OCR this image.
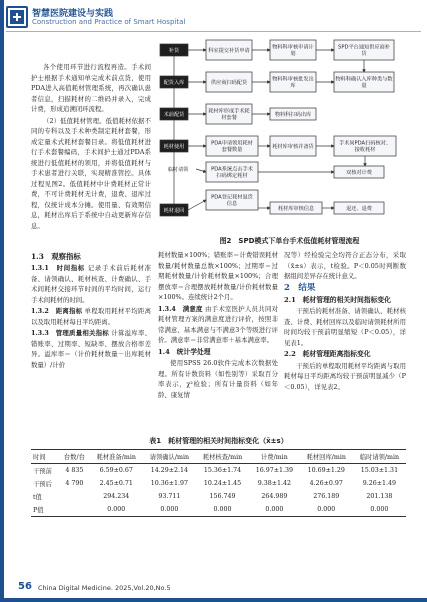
智慧医院建设与实践
Construction and Practice of Smart Hospital

各个使用环节进行流程再造。手术间护士根据手术通知单完成术前点货，使用PDA进入高值耗材管理系统，再次确认患者信息，扫描耗材的二维码并录入，完成计费，形成追溯闭环流程。

（2）低值耗材管理。低值耗材依据不同的专科以及手术种类制定耗材套餐，形成定量术式耗材套餐目录。将低值耗材进行手术套餐编码，手术间护士通过PDA系统进行低值耗材的领用，并将低值耗材与手术患者进行关联，实现精准管控。具体过程见图2。低值耗材中计费耗材正常计费，不可计费耗材无计费，退费、退库过程，仅统计成本分摊。使用量、有效期信息，耗材出库后于系统中自动更新库存信息。

1.3　观察指标

1.3.1　时间指标 记录手术前后耗材准备、请领确认、耗材核查、计费确认、手术间耗材交接环节时间的平均时间，运行手术间耗材的时间。

1.3.2　距离指标 单程取用耗材平均距离以及取用耗材每日平均距离。

1.3.3　管理质量相关指标 计算溢库率、错账率、过期率、短缺率、摆放合格率差异。溢库率＝（计价耗材数量－出库耗材数量）/计价

补货	科室提交补货申请
物料科审核申请计划
SPD平台通知供应商补货
配货入库	供应商扫码配货
物料科审核批发出库
物料科确认入库种类与数量
术前配货
耗材库形成手术耗材套餐
物料科扫码出库
耗材使用
PDA申请领用耗材套餐数量
耗材库审核并备货
手术间PDA扫码核对、接收耗材
临时请领	PDA系统点击手术扫码绑定耗材
双核对计费
耗材退回
PDA登记耗材退货信息
耗材库审核信息	退还、退费
图2　SPD模式下单台手术低值耗材管理流程

耗材数量×100%；错账率＝计费错误耗材数量/耗材数量总数×100%；过期率＝过期耗材数量/计价耗材数量×100%；合理摆放率＝合理摆放耗材数量/计价耗材数量×100%。连续统计2个月。

1.3.4　满意度 由手术室医护人员共同对耗材管理方案的满意度进行评价，按照非常满意、基本满意与不满意3个等级进行评价。满意率＝非常满意率＋基本满意率。

1.4　统计学处理

使用SPSS 26.0软件完成本次数据处理。所有计数资料（如性别等）采取百分率表示，χ²检验；所有计量资料（如年龄、康复情

况等）经检验完全均符合正态分布，采取（x̄±s）表示，t检验。P＜0.05时判断数据组间差异存在统计意义。

2　结果
2.1　耗材管理的相关时间指标变化

干预后的耗材准备、请领确认、耗材核查、计费、耗材回库以及临时请领耗材所用时间均较干预前明显缩短（P＜0.05），详见表1。

2.2　耗材管理距离指标变化

干预后的单程取用耗材平均距离与取用耗材每日平均距离均较干预前明显减少（P＜0.05），详见表2。

表1　耗材管理的相关时间指标变化（x̄±s）
时间	台数/台	耗材准备/min	请领确认/min	耗材核查/min	计费/min	耗材回库/min	临时请领/min
干预前	4 835	6.59±0.67	14.29±2.14	15.36±1.74	16.97±1.39	10.69±1.29	15.03±1.31
干预后	4 790	2.45±0.71	10.36±1.97	10.24±1.45	9.38±1.42	4.26±0.97	9.26±1.49
t值		294.234	93.711	156.749	264.989	276.189	201.138
P值		0.000	0.000	0.000	0.000	0.000	0.000
56 China Digital Medicine. 2025,Vol.20,No.5
